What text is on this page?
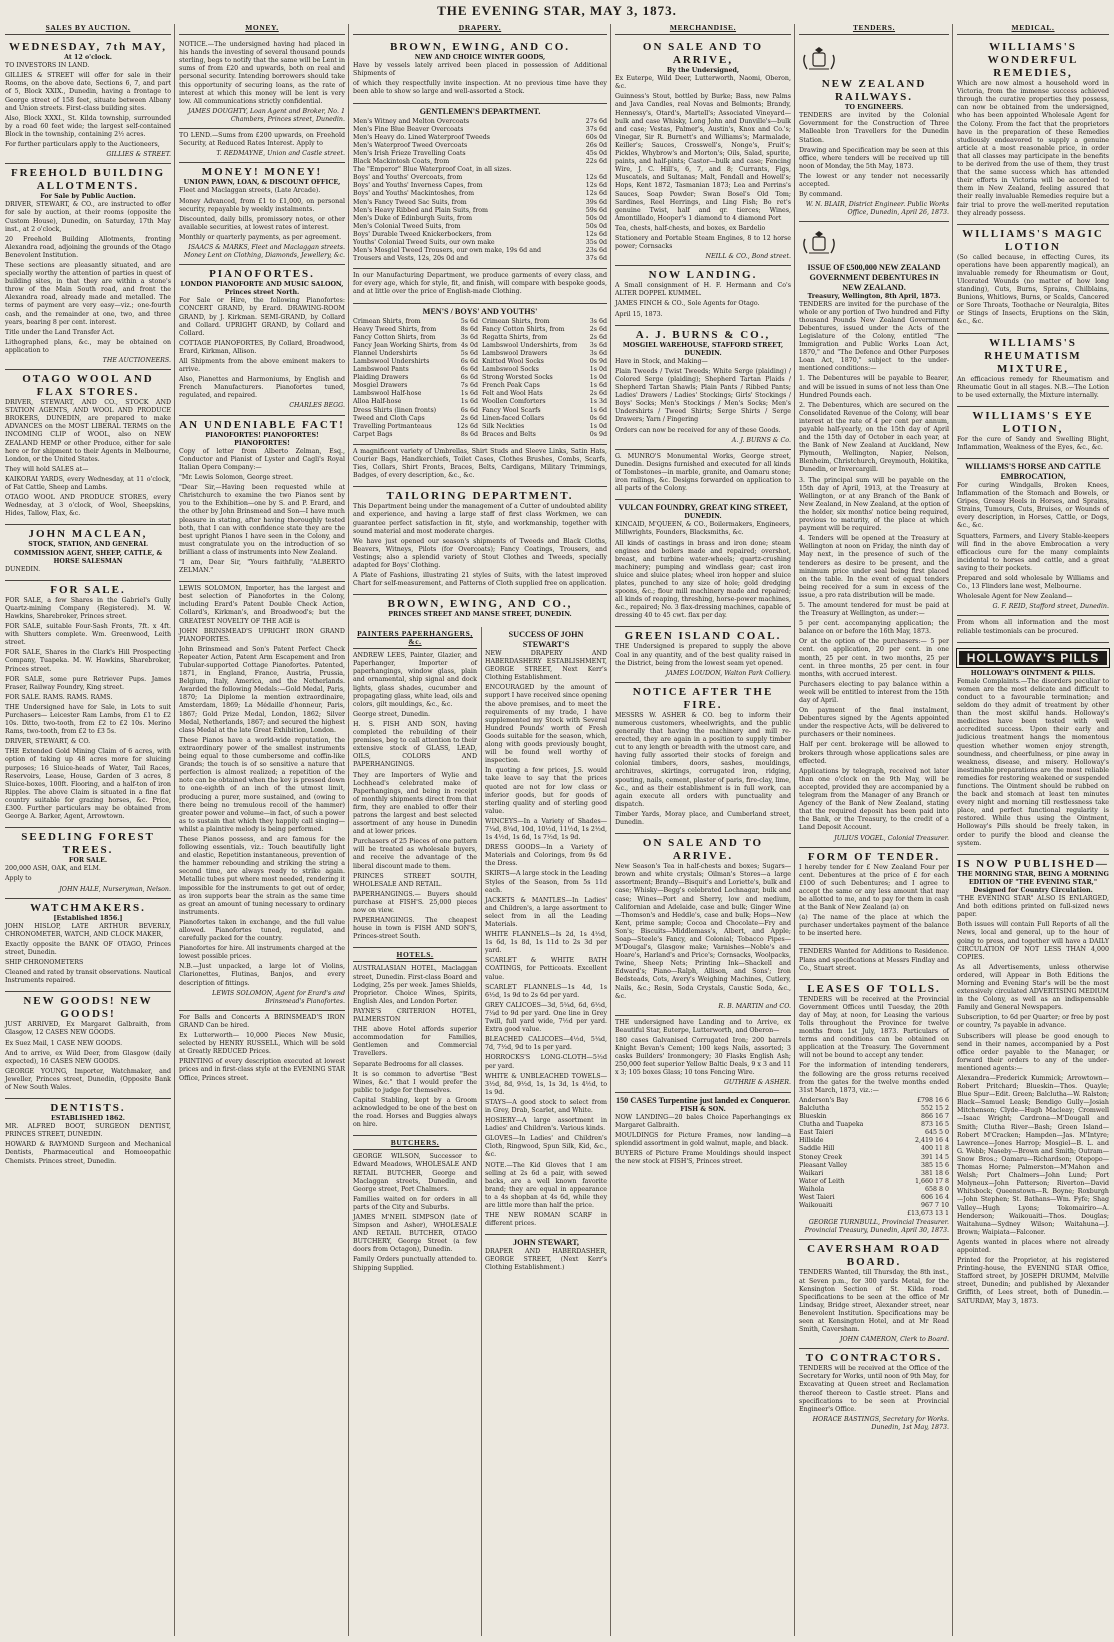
THE EVENING STAR, MAY 3, 1873.
SALES BY AUCTION.
WEDNESDAY, 7th MAY,
At 12 o'clock.

TO INVESTORS IN LAND.

GILLIES & STREET will offer for sale in their Rooms, on the above date, Sections 6, 7, and part of 5, Block XXIX., Dunedin, having a frontage to George street of 158 feet, situate between Albany and Union streets. First-class building sites.

Also, Block XXXI., St. Kilda township, surrounded by a road 60 feet wide; the largest self-contained Block in the township, containing 2½ acres.

For further particulars apply to the Auctioneers,

GILLIES & STREET.
FREEHOLD BUILDING ALLOTMENTS.
For Sale by Public Auction.

DRIVER, STEWART, & CO., are instructed to offer for sale by auction, at their rooms (opposite the Custom House), Dunedin, on Saturday, 17th May inst., at 2 o'clock,

20 Freehold Building Allotments, fronting Alexandra road, adjoining the grounds of the Otago Benevolent Institution.

These sections are pleasantly situated, and are specially worthy the attention of parties in quest of building sites, in that they are within a stone's throw of the Main South road, and front the Alexandra road, already made and metalled. The terms of payment are very easy—viz.; one-fourth cash, and the remainder at one, two, and three years, bearing 8 per cent. interest.

Title under the Land Transfer Act.

Lithographed plans, &c., may be obtained on application to

THE AUCTIONEERS.
OTAGO WOOL AND FLAX STORES.

DRIVER, STEWART, AND CO., STOCK AND STATION AGENTS, AND WOOL AND PRODUCE BROKERS, DUNEDIN, are prepared to make ADVANCES on the MOST LIBERAL TERMS on the INCOMING CLIP of WOOL, also on NEW ZEALAND HEMP or other Produce, either for sale here or for shipment to their Agents in Melbourne, London, or the United States.

They will hold SALES at—

KAIKORAI YARDS, every Wednesday, at 11 o'clock, of Fat Cattle, Sheep and Lambs.

OTAGO WOOL AND PRODUCE STORES, every Wednesday, at 3 o'clock, of Wool, Sheepskins, Hides, Tallow, Flax, &c.

JOHN MACLEAN,
STOCK, STATION, AND GENERAL COMMISSION AGENT, SHEEP, CATTLE, & HORSE SALESMAN

DUNEDIN.

FOR SALE.

FOR SALE, a few Shares in the Gabriel's Gully Quartz-mining Company (Registered). M. W. Hawkins, Sharebroker, Princes street.

FOR SALE, suitable Four-Sash Fronts, 7ft. x 4ft. with Shutters complete. Wm. Greenwood, Leith street.

FOR SALE, Shares in the Clark's Hill Prospecting Company, Tuapeka. M. W. Hawkins, Sharebroker, Princes street.

FOR SALE, some pure Retriever Pups. James Fraser, Railway Foundry, King street.

FOR SALE. RAMS. RAMS. RAMS.

THE Undersigned have for Sale, in Lots to suit Purchasers— Leicester Ram Lambs, from £1 to £2 10s. Ditto, two-tooth, from £2 to £2 10s. Merino Rams, two-tooth, from £2 to £3 5s.

DRIVER, STEWART, & CO.

THE Extended Gold Mining Claim of 6 acres, with option of taking up 48 acres more for sluicing purposes; 16 Sluice-heads of Water, Tail Races, Reservoirs, Lease, House, Garden of 3 acres, 8 Sluice-boxes, 100ft. Flooring, and a half-ton of iron Ripples. The above Claim is situated in a fine flat country suitable for grazing horses, &c. Price, £300. Further particulars may be obtained from George A. Barker, Agent, Arrowtown.

SEEDLING FOREST TREES.
FOR SALE.

200,000 ASH, OAK, and ELM.

Apply to

JOHN HALE, Nurseryman, Nelson.
WATCHMAKERS.
[Established 1856.]

JOHN HISLOP, LATE ARTHUR BEVERLY, CHRONOMETER, WATCH, AND CLOCK MAKER,

Exactly opposite the BANK OF OTAGO, Princes street, Dunedin.

SHIP CHRONOMETERS

Cleaned and rated by transit observations. Nautical Instruments repaired.

NEW GOODS! NEW GOODS!

JUST ARRIVED, Ex Margaret Galbraith, from Glasgow, 12 CASES NEW GOODS.

Ex Suez Mail, 1 CASE NEW GOODS.

And to arrive, ex Wild Deer, from Glasgow (daily expected), 16 CASES NEW GOODS.

GEORGE YOUNG, Importer, Watchmaker, and Jeweller, Princes street, Dunedin, (Opposite Bank of New South Wales.

DENTISTS.
ESTABLISHED 1862.

MR. ALFRED BOOT, SURGEON DENTIST, PRINCES STREET, DUNEDIN.

HOWARD & RAYMOND Surgeon and Mechanical Dentists, Pharmaceutical and Homoeopathic Chemists. Princes street, Dunedin.

MONEY.

NOTICE.—The undersigned having had placed in his hands the investing of several thousand pounds sterling, begs to notify that the same will be Lent in sums of from £20 and upwards, both on real and personal security. Intending borrowers should take this opportunity of securing loans, as the rate of interest at which this money will be lent is very low. All communications strictly confidential.

JAMES DOUGHTY, Loan Agent and Broker, No. 1 Chambers, Princes street, Dunedin.

TO LEND.—Sums from £200 upwards, on Freehold Security, at Reduced Rates Interest. Apply to

T. REDMAYNE, Union and Castle street.
MONEY! MONEY!
UNION PAWN, LOAN, & DISCOUNT OFFICE,

Fleet and Maclaggan streets, (Late Arcade).

Money Advanced, from £1 to £1,000, on personal security, repayable by weekly instalments.

Discounted, daily bills, promissory notes, or other available securities, at lowest rates of interest.

Monthly or quarterly payments, as per agreement.

ISAACS & MARKS, Fleet and Maclaggan streets. Money Lent on Clothing, Diamonds, Jewellery, &c.
PIANOFORTES.
LONDON PIANOFORTE AND MUSIC SALOON, Princes street North.

For Sale or Hire, the following Pianofortes: CONCERT GRAND, by Erard. DRAWING-ROOM GRAND, by J. Kirkman. SEMI-GRAND, by Collard and Collard. UPRIGHT GRAND, by Collard and Collard.

COTTAGE PIANOFORTES, By Collard, Broadwood, Erard, Kirkman, Allison.

All Shipments from the above eminent makers to arrive.

Also, Pianettes and Harmoniums, by English and French Manufacturers. Pianofortes tuned, regulated, and repaired.

CHARLES BEGG.
AN UNDENIABLE FACT!
PIANOFORTES! PIANOFORTES! PIANOFORTES!

Copy of letter from Alberto Zelman, Esq., Conductor and Pianist of Lyster and Cagli's Royal Italian Opera Company:—

"Mr. Lewis Solomon, George street.

"Dear Sir,—Having been requested while at Christchurch to examine the two Pianos sent by you to the Exhibition—one by S. and P. Erard, and the other by John Brinsmead and Son—I have much pleasure in stating, after having thoroughly tested both, that I can with confidence state they are the best upright Pianos I have seen in the Colony, and must congratulate you on the introduction of so brilliant a class of instruments into New Zealand.

"I am, Dear Sir, "Yours faithfully, "ALBERTO ZELMAN."

LEWIS SOLOMON, Importer, has the largest and best selection of Pianofortes in the Colony, including Erard's Patent Double Check Action, Collard's, Kirkman's, and Broadwood's; but the GREATEST NOVELTY OF THE AGE is

JOHN BRINSMEAD'S UPRIGHT IRON GRAND PIANOFORTES.

John Brinsmead and Son's Patent Perfect Check Repeater Action, Patent Arm Escapement and Iron Tubular-supported Cottage Pianofortes. Patented, 1871, in England, France, Austria, Prussia, Belgium, Italy, America, and the Netherlands. Awarded the following Medals:—Gold Medal, Paris, 1870; La Diplome la mention extraordinaire, Amsterdam, 1869; La Médaille d'honneur, Paris, 1867; Gold Prize Medal, London, 1862; Silver Medal, Netherlands, 1867; and secured the highest class Medal at the late Great Exhibition, London.

These Pianos have a world-wide reputation, the extraordinary power of the smallest instruments being equal to those cumbersome and coffin-like Grands; the touch is of so sensitive a nature that perfection is almost realized; a repetition of the note can be obtained when the key is pressed down to one-eighth of an inch of the utmost limit, producing a purer, more sustained, and (owing to there being no tremulous recoil of the hammer) greater power and volume—in fact, of such a power as to sustain that which they happily call singing—whilst a plaintive melody is being performed.

These Pianos possess, and are famous for the following essentials, viz.: Touch beautifully light and elastic, Repetition instantaneous, prevention of the hammer rebounding and striking the string a second time, are always ready to strike again. Metallic tubes put where most needed, rendering it impossible for the instruments to get out of order, as iron supports bear the strain as the same time as great an amount of tuning necessary to ordinary instruments.

Pianofortes taken in exchange, and the full value allowed. Pianofortes tuned, regulated, and carefully packed for the country.

Pianofortes for hire. All instruments charged at the lowest possible prices.

N.B.—Just unpacked, a large lot of Violins, Clarionettes, Flutinas, Banjos, and every description of fittings.

LEWIS SOLOMON, Agent for Erard's and Brinsmead's Pianofortes.

For Balls and Concerts A BRINSMEAD'S IRON GRAND Can be hired.

Ex Lutterworth— 10,000 Pieces New Music, selected by HENRY RUSSELL, Which will be sold at Greatly REDUCED Prices.

PRINTING of every description executed at lowest prices and in first-class style at the EVENING STAR Office, Princes street.

DRAPERY.
BROWN, EWING, AND CO.
NEW AND CHOICE WINTER GOODS,

Have by vessels lately arrived been placed in possession of Additional Shipments of

of which they respectfully invite inspection. At no previous time have they been able to show so large and well-assorted a Stock.

GENTLEMEN'S DEPARTMENT.
Men's Witney and Melton Overcoats	27s 6d
Men's Fine Blue Beaver Overcoats	37s 6d
Men's Heavy do. Lined Waterproof Tweeds	60s 0d
Men's Waterproof Tweed Overcoats	26s 0d
Men's Irish Frieze Travelling Coats	45s 0d
Black Mackintosh Coats, from	22s 6d
The "Emperor" Blue Waterproof Coat, in all sizes.
Boys' and Youths' Overcoats, from	12s 6d
Boys' and Youths' Inverness Capes, from	12s 6d
Boys' and Youths' Mackintoshes, from	12s 6d
Men's Fancy Tweed Sac Suits, from	39s 6d
Men's Heavy Ribbed and Plain Suits, from	59s 6d
Men's Duke of Edinburgh Suits, from	50s 0d
Men's Colonial Tweed Suits, from	50s 0d
Boys' Durable Tweed Knickerbockers, from	12s 6d
Youths' Colonial Tweed Suits, our own make	35s 0d
Men's Mosgiel Tweed Trousers, our own make, 19s 6d and	23s 6d
Trousers and Vests, 12s, 20s 0d and	37s 6d

In our Manufacturing Department, we produce garments of every class, and for every age, which for style, fit, and finish, will compare with bespoke goods, and at little over the price of English-made Clothing.

MEN'S / BOYS' AND YOUTHS'
Crimean Shirts, from	5s 6d
Heavy Tweed Shirts, from	8s 6d
Fancy Cotton Shirts, from	3s 6d
Fancy Jean Working Shirts, from 4s 0d
Flannel Undershirts	5s 6d
Lambswool Undershirts	6s 6d
Lambswool Pants	6s 6d
Plaiding Drawers	6s 6d
Mosgiel Drawers	7s 6d
Lambswool Half-hose	1s 6d
Alloa Half-hose	1s 6d
Dress Shirts (linen fronts)	6s 6d
Tweed and Cloth Caps	2s 6d
Travelling Portmanteaus	12s 6d
Carpet Bags	8s 6d
Crimean Shirts, from	3s 6d
Fancy Cotton Shirts, from	2s 6d
Regatta Shirts, from	2s 6d
Lambswool Undershirts, from 3s 6d
Lambswool Drawers	3s 6d
Knitted Wool Socks	0s 9d
Lambswool Socks	1s 0d
Strong Worsted Socks	1s 0d
French Peak Caps	1s 6d
Felt and Wool Hats	2s 6d
Woollen Comforters	1s 3d
Fancy Wool Scarfs	1s 6d
Linen-faced Collars	0s 6d
Silk Neckties	1s 0d
Braces and Belts	0s 9d

A magnificent variety of Umbrellas, Shirt Studs and Sleeve Links, Satin Hats, Courier Bags, Handkerchiefs, Toilet Cases, Clothes Brushes, Combs, Scarfs, Ties, Collars, Shirt Fronts, Braces, Belts, Cardigans, Military Trimmings, Badges, of every description, &c., &c.

TAILORING DEPARTMENT.

This Department being under the management of a Cutter of undoubted ability and experience, and having a large staff of first class Workmen, we can guarantee perfect satisfaction in fit, style, and workmanship, together with sound material and most moderate charges.

We have just opened our season's shipments of Tweeds and Black Cloths, Beavers, Witneys, Pilots (for Overcoats); Fancy Coatings, Trousers, and Vestings; also a splendid variety of Stout Clothes and Tweeds, specially adapted for Boys' Clothing.

A Plate of Fashions, illustrating 21 styles of Suits, with the latest improved Chart for self-measurement, and Patterns of Cloth supplied free on application.

BROWN, EWING, AND CO.,
PRINCES STREET AND MANSE STREET, DUNEDIN.
PAINTERS PAPERHANGERS, &c.

ANDREW LEES, Painter, Glazier, and Paperhanger, Importer of paperhangings, window glass, plain and ornamental, ship signal and dock lights, glass shades, cucumber and propagating glass, white lead, oils and colors, gilt mouldings, &c., &c.

George street, Dunedin.

H. S. FISH AND SON, having completed the rebuilding of their premises, beg to call attention to their extensive stock of GLASS, LEAD, OILS, COLORS AND PAPERHANGINGS.

They are Importers of Wylie and Lochhead's celebrated make of Paperhangings, and being in receipt of monthly shipments direct from that firm, they are enabled to offer their patrons the largest and best selected assortment of any house in Dunedin and at lower prices.

Purchasers of 25 Pieces of one pattern will be treated as wholesale buyers, and receive the advantage of the liberal discount made to them.

PRINCES STREET SOUTH, WHOLESALE AND RETAIL.

PAPERHANGINGS.— Buyers should purchase at FISH'S. 25,000 pieces now on view.

PAPERHANGINGS. The cheapest house in town is FISH AND SON'S, Princes-street South.

HOTELS.

AUSTRALASIAN HOTEL, Maclaggan street, Dunedin. First-class Board and Lodging, 25s per week. James Shields, Proprietor. Choice Wines, Spirits, English Ales, and London Porter.

PAYNE'S CRITERION HOTEL, PALMERSTON

THE above Hotel affords superior accommodation for Families, Gentlemen and Commercial Travellers.

Separate Bedrooms for all classes.

It is so common to advertise "Best Wines, &c." that I would prefer the public to judge for themselves.

Capital Stabling, kept by a Groom acknowledged to be one of the best on the road. Horses and Buggies always on hire.

BUTCHERS.

GEORGE WILSON, Successor to Edward Meadows, WHOLESALE AND RETAIL BUTCHER, George and Maclaggan streets, Dunedin, and George street, Port Chalmers.

Families waited on for orders in all parts of the City and Suburbs.

JAMES M'NEIL SIMPSON (late of Simpson and Asher), WHOLESALE AND RETAIL BUTCHER, OTAGO BUTCHERY, George Street (a few doors from Octagon), Dunedin.

Family Orders punctually attended to. Shipping Supplied.

SUCCESS OF JOHN STEWART'S

NEW DRAPERY AND HABERDASHERY ESTABLISHMENT, GEORGE STREET, Next Kerr's Clothing Establishment.

ENCOURAGED by the amount of support I have received since opening the above premises, and to meet the requirements of my trade, I have supplemented my Stock with Several Hundred Pounds' worth of Fresh Goods suitable for the season, which, along with goods previously bought, will be found well worthy of inspection.

In quoting a few prices, J.S. would take leave to say that the prices quoted are not for low class or inferior goods, but for goods of sterling quality and of sterling good value.

WINCEYS—In a Variety of Shades—7¼d, 8¼d, 10d, 10½d, 11½d, 1s 2½d, 1s 4½d, 1s 6d, 1s 7½d, 1s 9d.

DRESS GOODS—In a Variety of Materials and Colorings, from 9s 6d the Dress.

SKIRTS—A large stock in the Leading Styles of the Season, from 5s 11d each.

JACKETS & MANTLES—In Ladies' and Children's, a large assortment to select from in all the Leading Materials.

WHITE FLANNELS—Is 2d, 1s 4½d, 1s 6d, 1s 8d, 1s 11d to 2s 3d per yard.

SCARLET & WHITE BATH COATINGS, for Petticoats. Excellent value.

SCARLET FLANNELS—1s 4d, 1s 6½d, 1s 9d to 2s 6d per yard.

GREY CALICOES—3d, 5¼d, 6d, 6½d, 7¼d to 9d per yard. One line in Grey Twill, full yard wide, 7½d per yard. Extra good value.

BLEACHED CALICOES—4½d, 5¼d, 7d, 7½d, 9d to 1s per yard.

HORROCKS'S LONG-CLOTH—5½d per yard.

WHITE & UNBLEACHED TOWELS—3½d, 8d, 9½d, 1s, 1s 3d, 1s 4½d, to 1s 9d.

STAYS—A good stock to select from in Grey, Drab, Scarlet, and White.

HOSIERY—A large assortment in Ladies' and Children's. Various kinds.

GLOVES—In Ladies' and Children's Cloth, Ringwood, Spun Silk, Kid, &c., &c.

NOTE.—The Kid Gloves that I am selling at 2s 6d a pair, with sewed backs, are a well known favorite brand; they are equal in appearance to a 4s shopban at 4s 6d, while they are little more than half the price.

THE NEW ROMAN SCARF in different prices.

JOHN STEWART,

DRAPER AND HABERDASHER, GEORGE STREET, (Next Kerr's Clothing Establishment.)

MERCHANDISE.
ON SALE AND TO ARRIVE,
By the Undersigned,

Ex Euterpe, Wild Deer, Lutterworth, Naomi, Oberon, &c.

Guinness's Stout, bottled by Burke; Bass, new Palms and Java Candles, real Novas and Belmonts; Brandy, Hennessy's, Otard's, Martell's; Associated Vineyard—bulk and case Whisky, Long John and Dunville's—bulk and case; Vestas, Palmer's, Austin's, Knox and Co.'s; Vinegar, Sir R. Burnett's and Williams's; Marmalade, Keiller's; Sauces, Crosswell's, Nonge's, Fruit's; Pickles, Whybrow's and Morton's; Oils, Salad, spurite, paints, and half-pints; Castor—bulk and case; Fencing Wire, J. C. Hill's, 6, 7, and 8; Currants, Figs, Muscatels, and Sultanas; Malt, Fendall and Howell's; Hops, Kent 1872, Tasmanian 1873; Lea and Perrins's Sauces, Soap Powder; Swan Bosel's Old Tom; Sardines, Reel Herrings, and Ling Fish; Bo ret's genuine Twist, half and qr. tierces; Wines, Amontillado, Hooper's 1 diamond to 4 diamond Port

Tea, chests, half-chests, and boxes, ex Bardelio

Stationery and Portable Steam Engines, 8 to 12 horse power; Cornsacks

NEILL & CO., Bond street.
NOW LANDING.

A Small consignment of H. F. Hermann and Co's ALTER DOPPEL KUMMEL.

JAMES FINCH & CO., Sole Agents for Otago.

April 15, 1873.

A. J. BURNS & CO.,
MOSGIEL WAREHOUSE, STAFFORD STREET, DUNEDIN.

Have in Stock, and Making—

Plain Tweeds / Twist Tweeds; White Serge (plaiding) / Colored Serge (plaiding); Shepherd Tartan Plaids / Shepherd Tartan Shawls; Plain Pants / Ribbed Pants; Ladies' Drawers / Ladies' Stockings; Girls' Stockings / Boys' Socks; Men's Stockings / Men's Socks; Men's Undershirts / Tweed Shirts; Serge Shirts / Serge Drawers; Yarn / Fingering

Orders can now be received for any of these Goods.

A. J. BURNS & Co.

G. MUNRO'S Monumental Works, George street, Dunedin. Designs furnished and executed for all kinds of Tombstones—in marble, granite, and Oamaru stone; iron railings, &c. Designs forwarded on application to all parts of the Colony.

VULCAN FOUNDRY, GREAT KING STREET,
DUNEDIN.

KINCAID, M'QUEEN, & CO., Boilermakers, Engineers, Millwrights, Founders, Blacksmiths, &c.

All kinds of castings in brass and iron done; steam engines and boilers made and repaired; overshot, breast, and turbine water-wheels; quartz-crushing machinery; pumping and windlass gear; cast iron sluice and sluice plates; wheel iron hopper and sluice plates, punched to any size of hole; gold dredging spoons, &c.; flour mill machinery made and repaired; all kinds of reaping, threshing, horse-power machines, &c., repaired; No. 3 flax-dressing machines, capable of dressing 40 to 45 cwt. flax per day.

GREEN ISLAND COAL.

THE Undersigned is prepared to supply the above Coal in any quantity, and of the best quality raised in the District, being from the lowest seam yet opened.

JAMES LOUDON, Walton Park Colliery.
NOTICE AFTER THE FIRE.

MESSRS W. ASHER & CO. beg to inform their numerous customers, wheelwrights, and the public generally that having the machinery and mill re-erected, they are again in a position to supply timber cut to any length or breadth with the utmost care, and having fully assorted their stocks of foreign and colonial timbers, doors, sashes, mouldings, architraves, skirtings, corrugated iron, ridging, spouting, nails, cement, plaster of paris, fire-clay, lime, &c., and as their establishment is in full work, can again execute all orders with punctuality and dispatch.

Timber Yards, Moray place, and Cumberland street, Dunedin.

ON SALE AND TO ARRIVE.

New Season's Tea in half-chests and boxes; Sugars—brown and white crystals; Oilman's Stores—a large assortment; Brandy—Bisquit's and Loriette's, bulk and case; Whisky—Begg's celebrated Lochnagar, bulk and case; Wines—Port and Sherry, low and medium, Californian and Adelaide, case and bulk; Ginger Wine—Thomson's and Heddle's, case and bulk; Hops—New Kent, prime sample; Cocoa and Chocolate—Fry and Son's; Biscuits—Middlemass's, Albert, and Apple; Soap—Steele's Fancy, and Colonial; Tobacco Pipes—M'Dougal's, Glasgow make; Varnishes—Noble's and Hoare's, Harland's and Price's; Cornsacks, Woolpacks, Twine, Sheep Nets; Printing Ink—Shackell and Edward's; Piano—Ralph, Allison, and Sons'; Iron Bedsteads, Cots, Avery's Weighing Machines, Cutlery, Nails, &c.; Resin, Soda Crystals, Caustic Soda, &c., &c.

R. B. MARTIN and CO.

THE undersigned have Landing and to Arrive, ex Beautiful Star, Euterpe, Lutterworth, and Oberon—

180 cases Galvanised Corrugated Iron; 200 barrels Knight Bevan's Cement; 100 kegs Nails, assorted; 3 casks Builders' Ironmongery; 30 Flasks English Ash; 250,000 feet superior Yellow Baltic Deals, 9 x 3 and 11 x 3; 105 boxes Glass; 10 tons Fencing Wire.

GUTHRIE & ASHER.
150 CASES Turpentine just landed ex Conqueror.
FISH & SON.

NOW LANDING—20 bales Choice Paperhangings ex Margaret Galbraith.

MOULDINGS for Picture Frames, now landing—a splendid assortment in gold walnut, maple, and black.

BUYERS of Picture Frame Mouldings should inspect the new stock at FISH'S, Princes street.

TENDERS.
NEW ZEALAND RAILWAYS.
TO ENGINEERS.

TENDERS are invited by the Colonial Government for the Construction of Three Malleable Iron Travellers for the Dunedin Station.

Drawing and Specification may be seen at this office, where tenders will be received up till noon of Monday, the 5th May, 1873.

The lowest or any tender not necessarily accepted.

By command.

W. N. BLAIR, District Engineer. Public Works Office, Dunedin, April 26, 1873.
ISSUE OF £500,000 NEW ZEALAND GOVERNMENT DEBENTURES IN NEW ZEALAND.
Treasury, Wellington, 8th April, 1873.

TENDERS are invited for the purchase of the whole or any portion of Two hundred and Fifty thousand Pounds New Zealand Government Debentures, issued under the Acts of the Legislature of the Colony, entitled "The Immigration and Public Works Loan Act, 1870," and "The Defence and Other Purposes Loan Act, 1870," subject to the under-mentioned conditions:—

1. The Debentures will be payable to Bearer, and will be issued in sums of not less than One Hundred Pounds each.

2. The Debentures, which are secured on the Consolidated Revenue of the Colony, will bear interest at the rate of 4 per cent per annum, payable half-yearly, on the 15th day of April and the 15th day of October in each year, at the Bank of New Zealand at Auckland, New Plymouth, Wellington, Napier, Nelson, Blenheim, Christchurch, Greymouth, Hokitika, Dunedin, or Invercargill.

3. The principal sum will be payable on the 15th day of April, 1913, at the Treasury at Wellington, or at any Branch of the Bank of New Zealand, in New Zealand, at the option of the holder, six months' notice being required, previous to maturity, of the place at which payment will be required.

4. Tenders will be opened at the Treasury at Wellington at noon on Friday, the ninth day of May next, in the presence of such of the tenderers as desire to be present, and the minimum price under seal being first placed on the table. In the event of equal tenders being received for a sum in excess of the issue, a pro rata distribution will be made.

5. The amount tendered for must be paid at the Treasury at Wellington, as under:—

5 per cent. accompanying application; the balance on or before the 16th May, 1873.

Or at the option of the purchasers:— 5 per cent. on application, 20 per cent. in one month, 25 per cent. in two months, 25 per cent. in three months, 25 per cent. in four months, with accrued interest.

Purchasers electing to pay balance within a week will be entitled to interest from the 15th day of April.

On payment of the final instalment, Debentures signed by the Agents appointed under the respective Acts, will be delivered to purchasers or their nominees.

Half per cent. brokerage will be allowed to brokers through whose applications sales are effected.

Applications by telegraph, received not later than one o'clock on the 9th May, will be accepted, provided they are accompanied by a telegram from the Manager of any Branch or Agency of the Bank of New Zealand, stating that the required deposit has been paid into the Bank, or the Treasury, to the credit of a Land Deposit Account.

JULIUS VOGEL, Colonial Treasurer.
FORM OF TENDER.

I hereby tender for £ New Zealand Four per cent. Debentures at the price of £ for each £100 of such Debentures; and I agree to accept the same or any less amount that may be allotted to me, and to pay for them in cash at the Bank of New Zealand (a) on

(a) The name of the place at which the purchaser undertakes payment of the balance to be inserted here.

TENDERS Wanted for Additions to Residence. Plans and specifications at Messrs Findlay and Co., Stuart street.

LEASES OF TOLLS.

TENDERS will be received at the Provincial Government Offices until Tuesday, the 20th day of May, at noon, for Leasing the various Tolls throughout the Province for twelve months from 1st July, 1873. Particulars of terms and conditions can be obtained on application at the Treasury. The Government will not be bound to accept any tender.

For the information of intending tenderers, the following are the gross returns received from the gates for the twelve months ended 31st March, 1873, viz.:—

Anderson's Bay	£798 16 6
Balclutha	552 15 2
Blueskin	866 16 7
Clutha and Tuapeka	873 16 5
East Taieri	645 5 0
Hillside	2,419 16 4
Saddle Hill	400 11 8
Stoney Creek	391 14 5
Pleasant Valley	385 15 6
Waikari	381 18 6
Water of Leith	1,660 17 8
Waihola	658 8 0
West Taieri	606 16 4
Waikouaiti	967 7 10
£13,673 13 1
GEORGE TURNBULL, Provincial Treasurer. Provincial Treasury, Dunedin, April 30, 1873.
CAVERSHAM ROAD BOARD.

TENDERS Wanted, till Thursday, the 8th inst., at Seven p.m., for 300 yards Metal, for the Kensington Section of St. Kilda road. Specifications to be seen at the office of Mr Lindsay, Bridge street, Alexander street, near Benevolent Institution. Specifications may be seen at Kensington Hotel, and at Mr Read Smith, Caversham.

JOHN CAMERON, Clerk to Board.
TO CONTRACTORS.

TENDERS will be received at the Office of the Secretary for Works, until noon of 9th May, for Excavating at Queen street and Reclamation thereof thereon to Castle street. Plans and specifications to be seen at Provincial Engineer's Office.

HORACE BASTINGS, Secretary for Works. Dunedin, 1st May, 1873.
MEDICAL.
WILLIAMS'S WONDERFUL REMEDIES,

Which are now almost a household word in Victoria, from the immense success achieved through the curative properties they possess, can now be obtained from the undersigned, who has been appointed Wholesale Agent for the Colony. From the fact that the proprietors have in the preparation of these Remedies studiously endeavored to supply a genuine article at a most reasonable price, in order that all classes may participate in the benefits to be derived from the use of them, they trust that the same success which has attended their efforts in Victoria will be accorded to them in New Zealand, feeling assured that their really invaluable Remedies require but a fair trial to prove the well-merited reputation they already possess.

WILLIAMS'S MAGIC LOTION

(So called because, in effecting Cures, its operations have been apparently magical), an invaluable remedy for Rheumatism or Gout, Ulcerated Wounds (no matter of how long standing), Cuts, Burns, Sprains, Chilblains, Bunions, Whitlows, Burns, or Scalds, Cancered or Sore Throats, Toothache or Neuralgia, Bites or Stings of Insects, Eruptions on the Skin, &c., &c.

WILLIAMS'S RHEUMATISM MIXTURE,

An efficacious remedy for Rheumatism and Rheumatic Gout in all stages. N.B.—The Lotion to be used externally, the Mixture internally.

WILLIAMS'S EYE LOTION,

For the cure of Sandy and Swelling Blight, Inflammation, Weakness of the Eyes, &c., &c.

WILLIAMS'S HORSE AND CATTLE EMBROCATION,

For curing Windgalls, Broken Knees, Inflammation of the Stomach and Bowels, or Gripes, Greasy Heels in Horses, and Sprains, Strains, Tumours, Cuts, Bruises, or Wounds of every description, in Horses, Cattle, or Dogs, &c., &c.

Squatters, Farmers, and Livery Stable-keepers will find in the above Embrocation a very efficacious cure for the many complaints incidental to horses and cattle, and a great saving to their pockets.

Prepared and sold wholesale by Williams and Co., 13 Flinders lane west, Melbourne.

Wholesale Agent for New Zealand—

G. F. REID, Stafford street, Dunedin.

From whom all information and the most reliable testimonials can be procured.

HOLLOWAY'S PILLS
HOLLOWAY'S OINTMENT & PILLS.

Female Complaints.—The disorders peculiar to women are the most delicate and difficult to conduct to a favourable termination; and seldom do they admit of treatment by other than the most skilful hands. Holloway's medicines have been tested with well accredited success. Upon their early and judicious treatment hangs the momentous question whether women enjoy strength, soundness, and cheerfulness, or pine away in weakness, disease, and misery. Holloway's inestimable preparations are the most reliable remedies for restoring weakened or suspended functions. The Ointment should be rubbed on the back and stomach at least ten minutes every night and morning till restlessness take place, and perfect functional regularity is restored. While thus using the Ointment, Holloway's Pills should be freely taken, in order to purify the blood and cleanse the system.

IS NOW PUBLISHED—
THE MORNING STAR, BEING A MORNING EDITION OF "THE EVENING STAR," Designed for Country Circulation.

"THE EVENING STAR" ALSO IS ENLARGED, And both editions printed on full-sized news paper.

Both issues will contain Full Reports of all the News, local and general, up to the hour of going to press, and together will have a DAILY CIRCULATION OF NOT LESS THAN 4,000 COPIES.

As all Advertisements, unless otherwise ordered, will Appear in Both Editions the Morning and Evening Star's will be the most extensively circulated ADVERTISING MEDIUM in the Colony, as well as an indispensable Family and General Newspapers.

Subscription, to 6d per Quarter; or free by post or country, 7s payable in advance.

Subscribers will please be good enough to send in their names, accompanied by a Post office order payable to the Manager, or forward their orders to any of the under-mentioned agents:—

Alexandra—Frederick Kummick; Arrowtown—Robert Pritchard; Blueskin—Thos. Quayle; Blue Spur—Edit. Green; Balclutha—W. Ralston; Black—Samuel Leask; Bendigo Gully—Josiah Mitchenson; Clyde—Hugh Macleay; Cromwell—Isaac Wright; Cardrona—M'Dougall and Smith; Clutha River—Bash; Green Island—Robert M'Cracken; Hampden—Jas. M'Intyre; Lawrence—Jones Harrop; Mosgiel—B. L. and G. Webb; Naseby—Brown and Smith; Outram—Snow Bros.; Oamaru—Richardson; Otepopo—Thomas Horne; Palmerston—M'Mahon and Welsh; Port Chalmers—John Lund; Port Molyneux—John Patterson; Riverton—David Whitsbock; Queenstown—R. Boyne; Roxburgh—John Stephen; St. Bathans—Wm. Fyfe; Shag Valley—Hugh Lyons; Tokomairiro—A. Henderson; Waikouaiti—Thos. Douglas; Waitahuna—Sydney Wilson; Waitahuna—J. Brown; Waipiata—Falconer.

Agents wanted in places where not already appointed.

Printed for the Proprietor, at his registered Printing-house, the EVENING STAR Office, Stafford street, by JOSEPH DRUMM, Melville street, Dunedin; and published by Alexander Griffith, of Lees street, both of Dunedin.—SATURDAY, May 3, 1873.
